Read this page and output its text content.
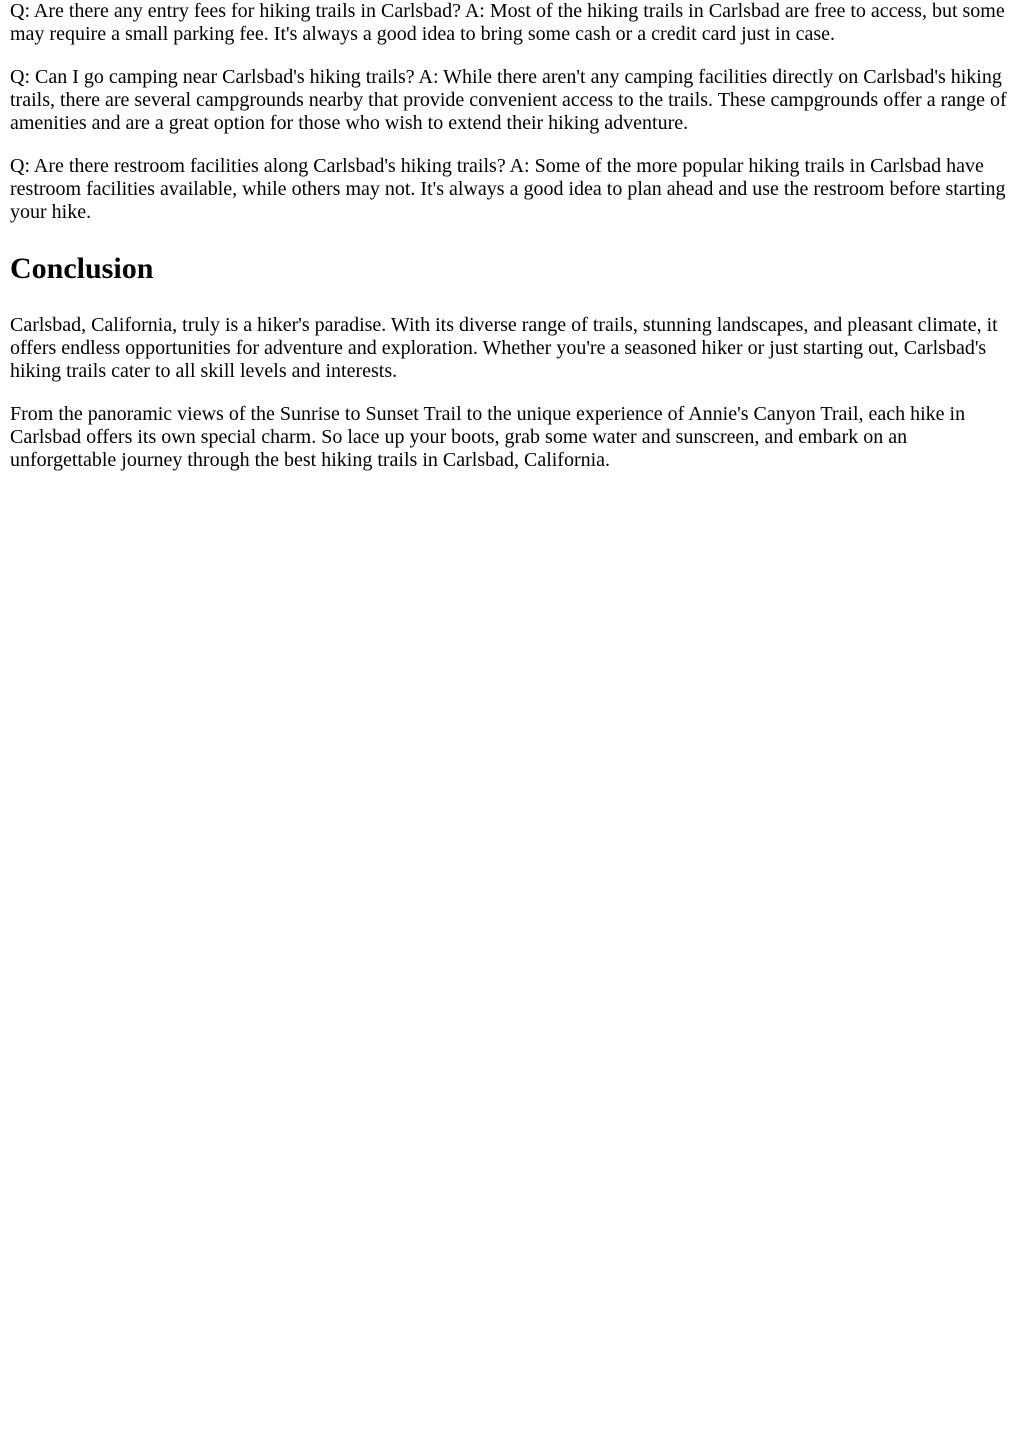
Q: Are there any entry fees for hiking trails in Carlsbad? A: Most of the hiking trails in Carlsbad are free to access, but some may require a small parking fee. It's always a good idea to bring some cash or a credit card just in case.

Q: Can I go camping near Carlsbad's hiking trails? A: While there aren't any camping facilities directly on Carlsbad's hiking trails, there are several campgrounds nearby that provide convenient access to the trails. These campgrounds offer a range of amenities and are a great option for those who wish to extend their hiking adventure.

Q: Are there restroom facilities along Carlsbad's hiking trails? A: Some of the more popular hiking trails in Carlsbad have restroom facilities available, while others may not. It's always a good idea to plan ahead and use the restroom before starting your hike.

Conclusion

Carlsbad, California, truly is a hiker's paradise. With its diverse range of trails, stunning landscapes, and pleasant climate, it offers endless opportunities for adventure and exploration. Whether you're a seasoned hiker or just starting out, Carlsbad's hiking trails cater to all skill levels and interests.

From the panoramic views of the Sunrise to Sunset Trail to the unique experience of Annie's Canyon Trail, each hike in Carlsbad offers its own special charm. So lace up your boots, grab some water and sunscreen, and embark on an unforgettable journey through the best hiking trails in Carlsbad, California.
